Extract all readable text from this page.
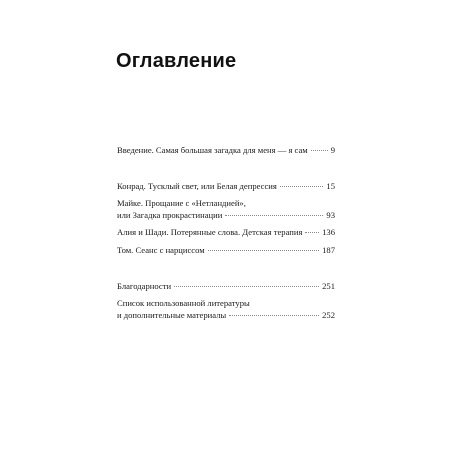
Оглавление
Введение. Самая большая загадка для меня — я сам	9
Конрад. Тусклый свет, или Белая депрессия	15
Майке. Прощание с «Нетландией»,
или Загадка прокрастинации	93
Алия и Шади. Потерянные слова. Детская терапия 136
Том. Сеанс с нарциссом	187
Благодарности	251
Список использованной литературы
и дополнительные материалы	252
